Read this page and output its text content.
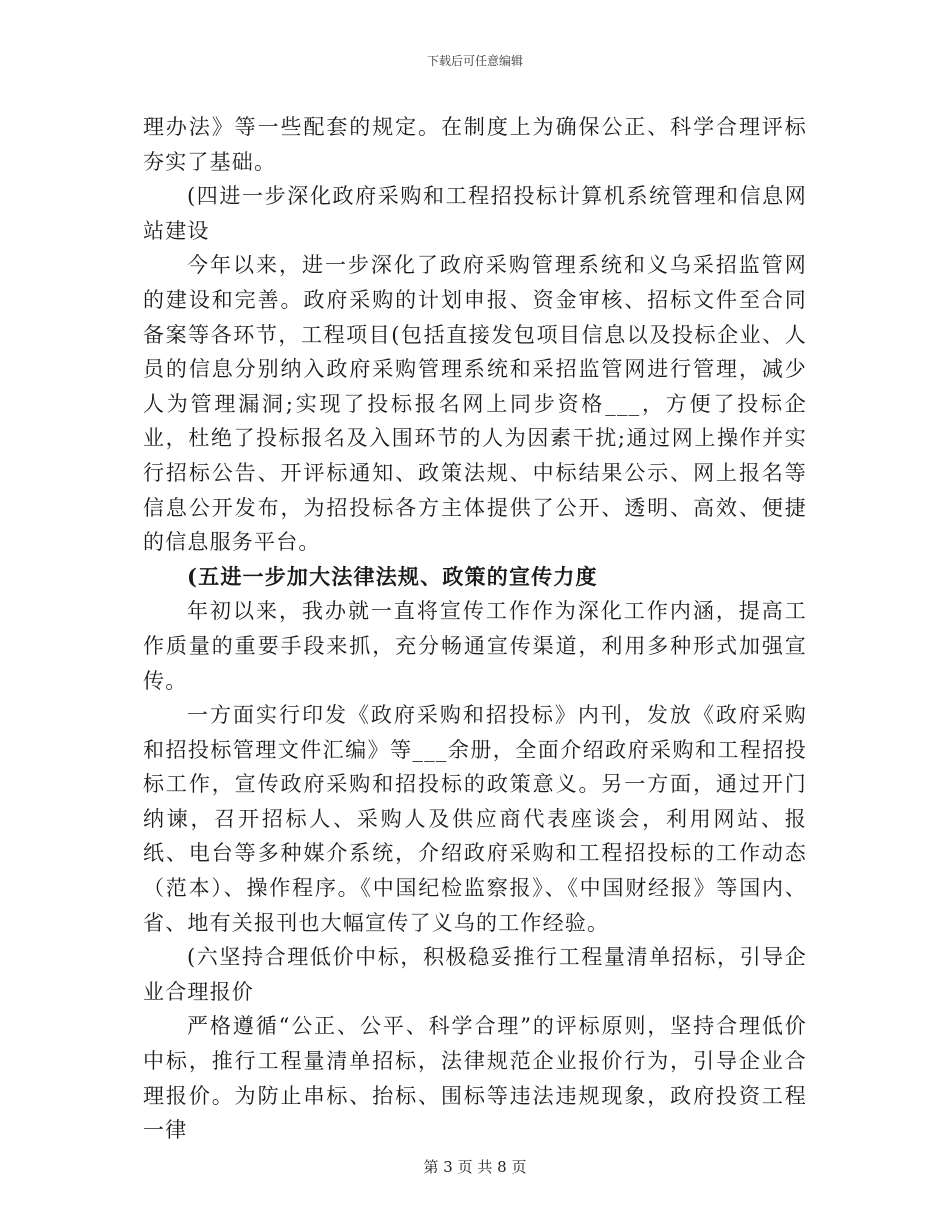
下载后可任意编辑

理办法》等一些配套的规定。在制度上为确保公正、科学合理评标夯实了基础。

(四进一步深化政府采购和工程招投标计算机系统管理和信息网站建设

今年以来，进一步深化了政府采购管理系统和义乌采招监管网的建设和完善。政府采购的计划申报、资金审核、招标文件至合同备案等各环节，工程项目(包括直接发包项目信息以及投标企业、人员的信息分别纳入政府采购管理系统和采招监管网进行管理，减少人为管理漏洞;实现了投标报名网上同步资格___，方便了投标企业，杜绝了投标报名及入围环节的人为因素干扰;通过网上操作并实行招标公告、开评标通知、政策法规、中标结果公示、网上报名等信息公开发布，为招投标各方主体提供了公开、透明、高效、便捷的信息服务平台。

(五进一步加大法律法规、政策的宣传力度

年初以来，我办就一直将宣传工作作为深化工作内涵，提高工作质量的重要手段来抓，充分畅通宣传渠道，利用多种形式加强宣传。

一方面实行印发《政府采购和招投标》内刊，发放《政府采购和招投标管理文件汇编》等___余册，全面介绍政府采购和工程招投标工作，宣传政府采购和招投标的政策意义。另一方面，通过开门纳谏，召开招标人、采购人及供应商代表座谈会，利用网站、报纸、电台等多种媒介系统，介绍政府采购和工程招投标的工作动态（范本）、操作程序。《中国纪检监察报》、《中国财经报》等国内、省、地有关报刊也大幅宣传了义乌的工作经验。

(六坚持合理低价中标，积极稳妥推行工程量清单招标，引导企业合理报价

严格遵循“公正、公平、科学合理”的评标原则，坚持合理低价中标，推行工程量清单招标，法律规范企业报价行为，引导企业合理报价。为防止串标、抬标、围标等违法违规现象，政府投资工程一律

第 3 页 共 8 页
